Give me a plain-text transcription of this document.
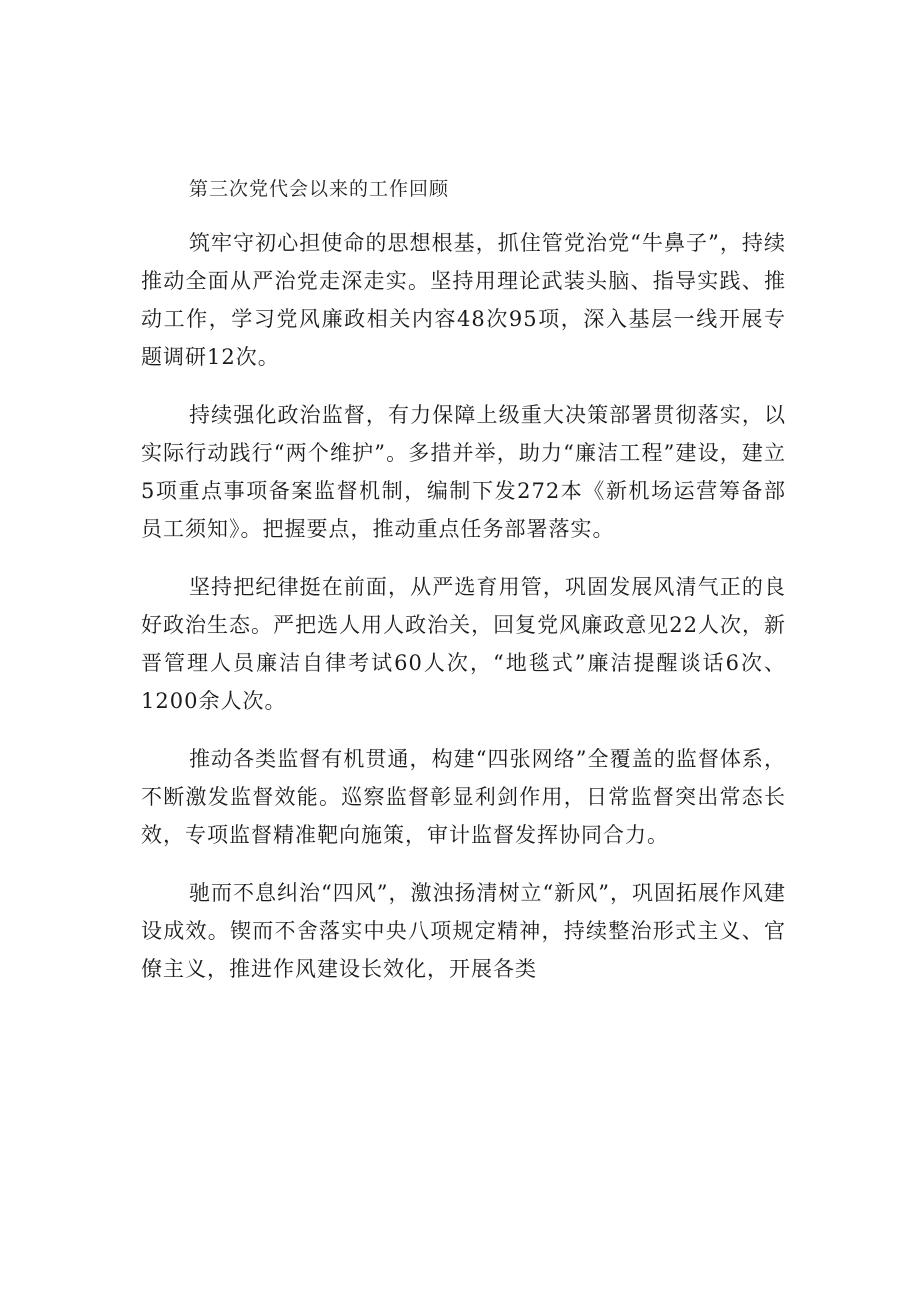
第三次党代会以来的工作回顾

筑牢守初心担使命的思想根基，抓住管党治党“牛鼻子”，持续推动全面从严治党走深走实。坚持用理论武装头脑、指导实践、推动工作，学习党风廉政相关内容48次95项，深入基层一线开展专题调研12次。

持续强化政治监督，有力保障上级重大决策部署贯彻落实，以实际行动践行“两个维护”。多措并举，助力“廉洁工程”建设，建立5项重点事项备案监督机制，编制下发272本《新机场运营筹备部员工须知》。把握要点，推动重点任务部署落实。

坚持把纪律挺在前面，从严选育用管，巩固发展风清气正的良好政治生态。严把选人用人政治关，回复党风廉政意见22人次，新晋管理人员廉洁自律考试60人次，“地毯式”廉洁提醒谈话6次、1200余人次。

推动各类监督有机贯通，构建“四张网络”全覆盖的监督体系，不断激发监督效能。巡察监督彰显利剑作用，日常监督突出常态长效，专项监督精准靶向施策，审计监督发挥协同合力。

驰而不息纠治“四风”，激浊扬清树立“新风”，巩固拓展作风建设成效。锲而不舍落实中央八项规定精神，持续整治形式主义、官僚主义，推进作风建设长效化，开展各类
